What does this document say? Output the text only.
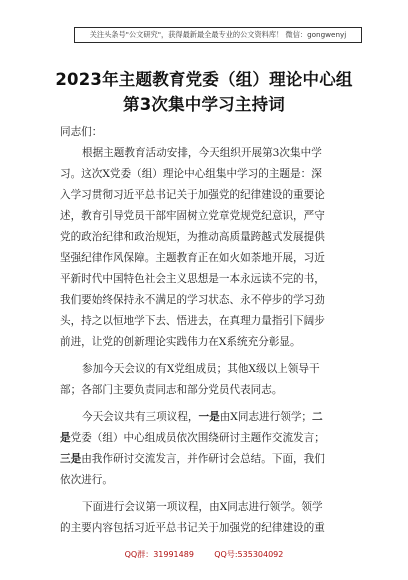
关注头条号"公文研究"，获得最新最全最专业的公文资料库！ 微信：gongwenyj
2023年主题教育党委（组）理论中心组
第3次集中学习主持词
同志们：
根据主题教育活动安排，今天组织开展第3次集中学
习。这次X党委（组）理论中心组集中学习的主题是：深
入学习贯彻习近平总书记关于加强党的纪律建设的重要论
述，教育引导党员干部牢固树立党章党规党纪意识，严守
党的政治纪律和政治规矩，为推动高质量跨越式发展提供
坚强纪律作风保障。主题教育正在如火如荼地开展，习近
平新时代中国特色社会主义思想是一本永远读不完的书，
我们要始终保持永不满足的学习状态、永不停步的学习劲
头，持之以恒地学下去、悟进去，在真理力量指引下阔步
前进，让党的创新理论实践伟力在X系统充分彰显。
参加今天会议的有X党组成员；其他X级以上领导干
部；各部门主要负责同志和部分党员代表同志。
今天会议共有三项议程，一是由X同志进行领学；二
是党委（组）中心组成员依次围绕研讨主题作交流发言；
三是由我作研讨交流发言，并作研讨会总结。下面，我们
依次进行。
下面进行会议第一项议程，由X同志进行领学。领学
的主要内容包括习近平总书记关于加强党的纪律建设的重
QQ群：31991489        QQ号:535304092
